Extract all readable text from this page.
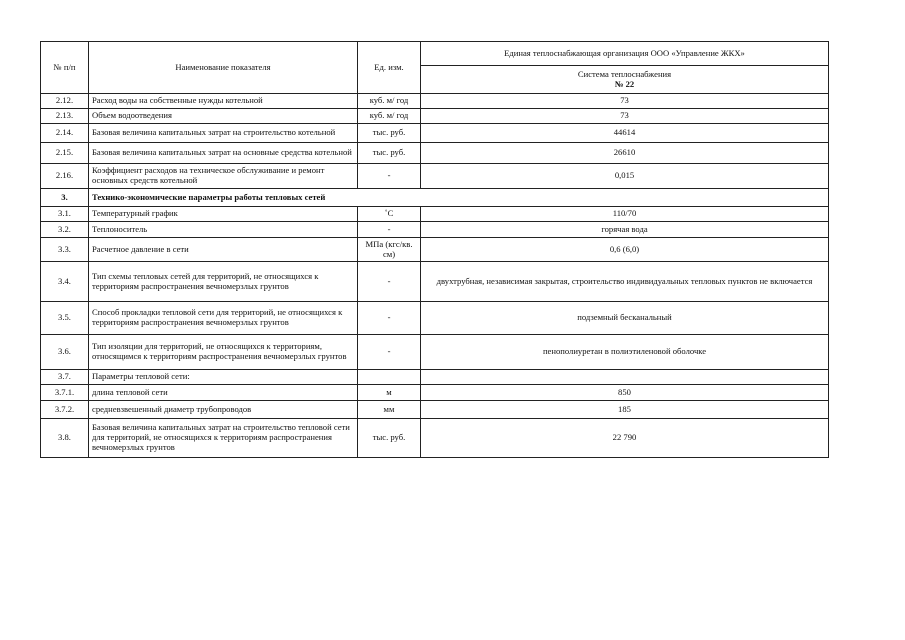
№ п/п	Наименование показателя	Ед. изм.	Единая теплоснабжающая организация ООО «Управление ЖКХ»

			Система теплоснабжения
№ 22

2.12.	Расход воды на собственные нужды котельной	куб. м/ год	73
2.13.	Объем водоотведения	куб. м/ год	73
2.14.	Базовая величина капитальных затрат на строительство котельной	тыс. руб.	44614
2.15.	Базовая величина капитальных затрат на основные средства котельной	тыс. руб.	26610
2.16.	Коэффициент расходов на техническое обслуживание и ремонт основных средств котельной	-	0,015
3.	Технико-экономические параметры работы тепловых сетей		
3.1.	Температурный график	˚С	110/70
3.2.	Теплоноситель	-	горячая вода
3.3.	Расчетное давление в сети	МПа (кгс/кв. см)	0,6 (6,0)
3.4.	Тип схемы тепловых сетей для территорий, не относящихся к территориям распространения вечномерзлых грунтов	-	двухтрубная, независимая закрытая, строительство индивидуальных тепловых пунктов не включается
3.5.	Способ прокладки тепловой сети для территорий, не относящихся к территориям распространения вечномерзлых грунтов	-	подземный бесканальный
3.6.	Тип изоляции для территорий, не относящихся к территориям, относящимся к территориям распространения вечномерзлых грунтов	-	пенополиуретан в полиэтиленовой оболочке
3.7.	Параметры тепловой сети:		
3.7.1.	длина тепловой сети	м	850
3.7.2.	средневзвешенный диаметр трубопроводов	мм	185
3.8.	Базовая величина капитальных затрат на строительство тепловой сети для территорий, не относящихся к территориям распространения вечномерзлых грунтов	тыс. руб.	22 790
